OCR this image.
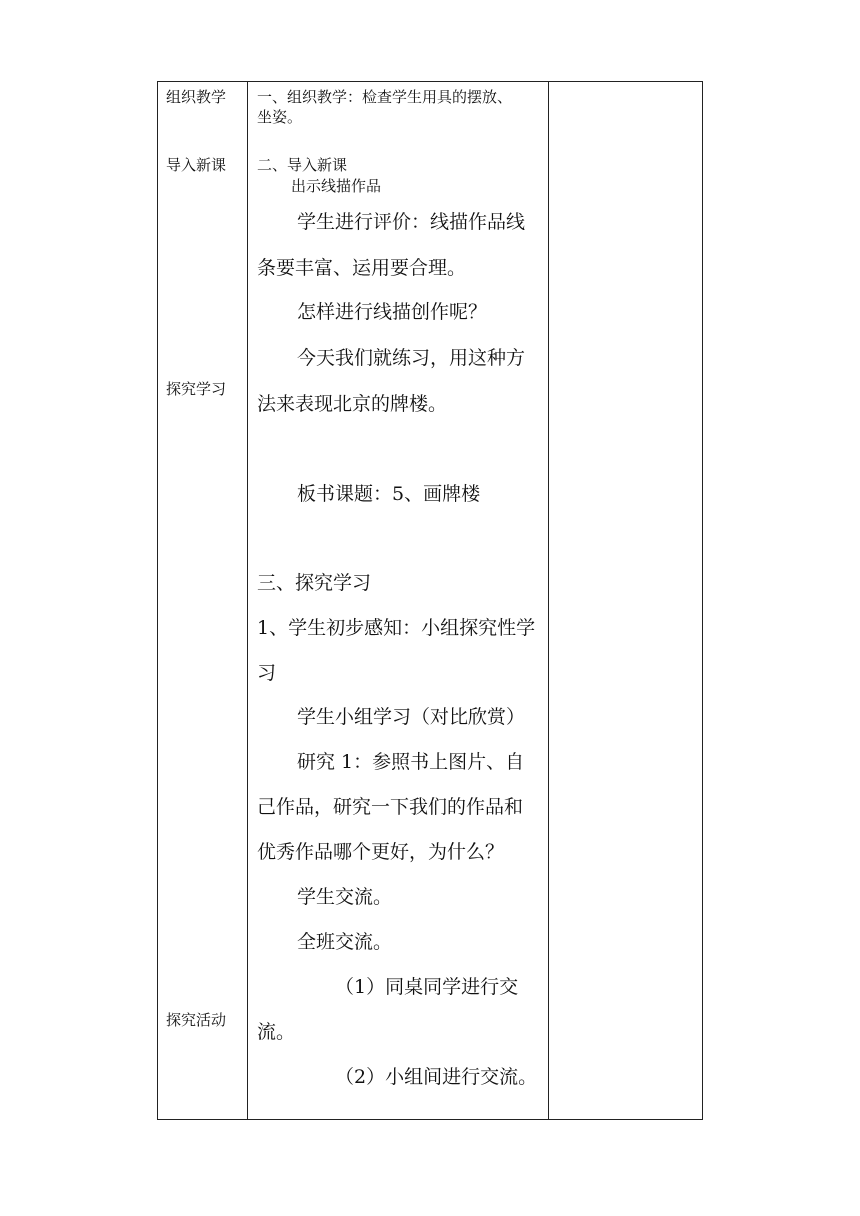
组织教学
导入新课
探究学习
探究活动
一、组织教学：检查学生用具的摆放、
坐姿。
二、导入新课
出示线描作品
学生进行评价：线描作品线
条要丰富、运用要合理。
怎样进行线描创作呢？
今天我们就练习，用这种方
法来表现北京的牌楼。
板书课题：5、画牌楼
三、探究学习
1、学生初步感知：小组探究性学
习
学生小组学习（对比欣赏）
研究 1：参照书上图片、自
己作品，研究一下我们的作品和
优秀作品哪个更好，为什么？
学生交流。
全班交流。
（1）同桌同学进行交
流。
（2）小组间进行交流。
